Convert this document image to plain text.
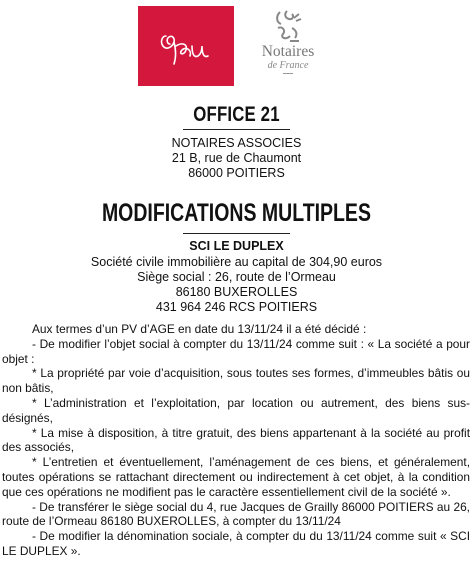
Notaires
de France
OFFICE 21
NOTAIRES ASSOCIES
21 B, rue de Chaumont
86000 POITIERS
MODIFICATIONS MULTIPLES
SCI LE DUPLEX
Société civile immobilière au capital de 304,90 euros
Siège social : 26, route de l’Ormeau
86180 BUXEROLLES
431 964 246 RCS POITIERS

Aux termes d’un PV d’AGE en date du 13/11/24 il a été décidé :

- De modifier l’objet social à compter du 13/11/24 comme suit : « La société a pour objet :

* La propriété par voie d’acquisition, sous toutes ses formes, d’immeubles bâtis ou non bâtis,

* L’administration et l’exploitation, par location ou autrement, des biens sus-désignés,

* La mise à disposition, à titre gratuit, des biens appartenant à la société au profit des associés,

* L’entretien et éventuellement, l’aménagement de ces biens, et généralement, toutes opérations se rattachant directement ou indirectement à cet objet, à la condition que ces opérations ne modifient pas le caractère essentiellement civil de la société ».

- De transférer le siège social du 4, rue Jacques de Grailly 86000 POITIERS au 26, route de l’Ormeau 86180 BUXEROLLES, à compter du 13/11/24

- De modifier la dénomination sociale, à compter du du 13/11/24 comme suit « SCI LE DUPLEX ».
